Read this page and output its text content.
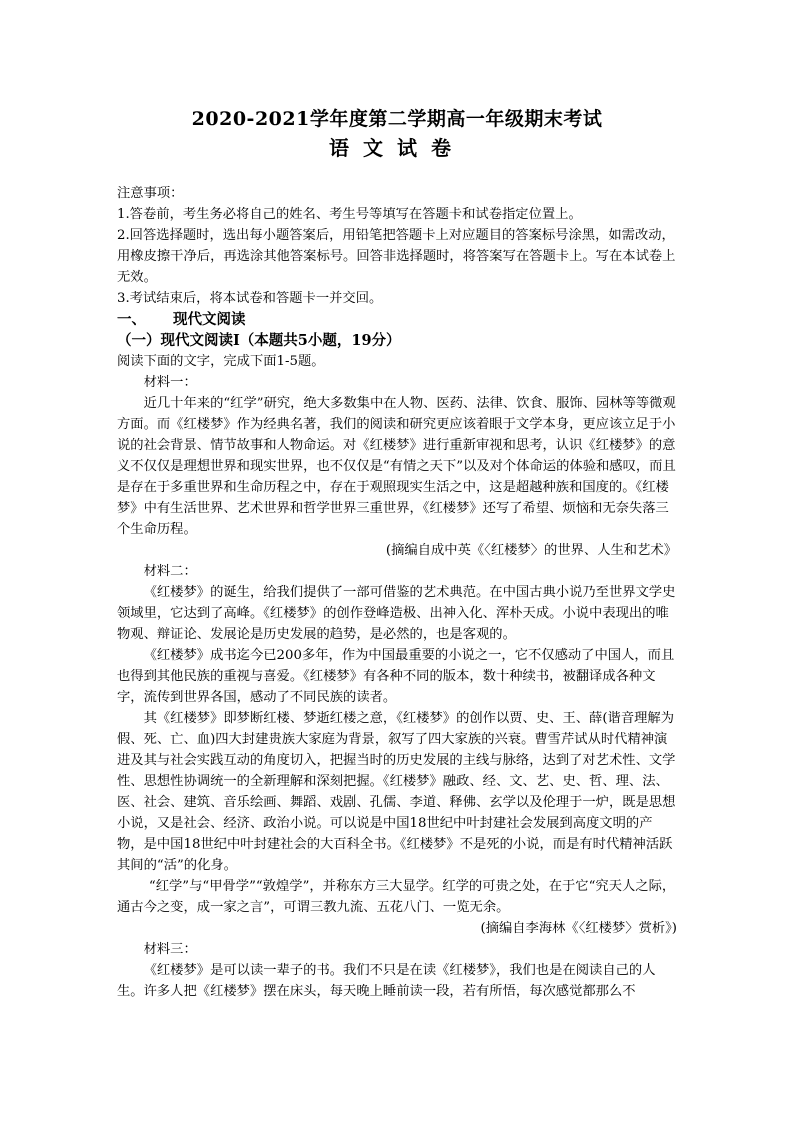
2020-2021学年度第二学期高一年级期末考试
语文试卷

注意事项：

1.答卷前，考生务必将自己的姓名、考生号等填写在答题卡和试卷指定位置上。

2.回答选择题时，选出每小题答案后，用铅笔把答题卡上对应题目的答案标号涂黑，如需改动，用橡皮擦干净后，再选涂其他答案标号。回答非选择题时，将答案写在答题卡上。写在本试卷上无效。

3.考试结束后，将本试卷和答题卡一并交回。

一、 现代文阅读

（一）现代文阅读Ⅰ（本题共5小题，19分）

阅读下面的文字，完成下面1-5题。

材料一：

近几十年来的“红学”研究，绝大多数集中在人物、医药、法律、饮食、服饰、园林等等微观方面。而《红楼梦》作为经典名著，我们的阅读和研究更应该着眼于文学本身，更应该立足于小说的社会背景、情节故事和人物命运。对《红楼梦》进行重新审视和思考，认识《红楼梦》的意义不仅仅是理想世界和现实世界，也不仅仅是“有情之天下”以及对个体命运的体验和感叹，而且是存在于多重世界和生命历程之中，存在于观照现实生活之中，这是超越种族和国度的。《红楼梦》中有生活世界、艺术世界和哲学世界三重世界，《红楼梦》还写了希望、烦恼和无奈失落三个生命历程。

(摘编自成中英《〈红楼梦〉的世界、人生和艺术》

材料二：

《红楼梦》的诞生，给我们提供了一部可借鉴的艺术典范。在中国古典小说乃至世界文学史领域里，它达到了高峰。《红楼梦》的创作登峰造极、出神入化、浑朴天成。小说中表现出的唯物观、辩证论、发展论是历史发展的趋势，是必然的，也是客观的。

《红楼梦》成书迄今已200多年，作为中国最重要的小说之一，它不仅感动了中国人，而且也得到其他民族的重视与喜爱。《红楼梦》有各种不同的版本，数十种续书，被翻译成各种文字，流传到世界各国，感动了不同民族的读者。

其《红楼梦》即梦断红楼、梦逝红楼之意，《红楼梦》的创作以贾、史、王、薛(谐音理解为假、死、亡、血)四大封建贵族大家庭为背景，叙写了四大家族的兴衰。曹雪芹试从时代精神演进及其与社会实践互动的角度切入，把握当时的历史发展的主线与脉络，达到了对艺术性、文学性、思想性协调统一的全新理解和深刻把握。《红楼梦》融政、经、文、艺、史、哲、理、法、医、社会、建筑、音乐绘画、舞蹈、戏剧、孔儒、李道、释佛、玄学以及伦理于一炉，既是思想小说，又是社会、经济、政治小说。可以说是中国18世纪中叶封建社会发展到高度文明的产物，是中国18世纪中叶封建社会的大百科全书。《红楼梦》不是死的小说，而是有时代精神活跃其间的“活”的化身。

“红学”与“甲骨学”“敦煌学”，并称东方三大显学。红学的可贵之处，在于它“究天人之际，通古今之变，成一家之言”，可谓三教九流、五花八门、一览无余。

(摘编自李海林《〈红楼梦〉赏析》)

材料三：

《红楼梦》是可以读一辈子的书。我们不只是在读《红楼梦》，我们也是在阅读自己的人生。许多人把《红楼梦》摆在床头，每天晚上睡前读一段，若有所悟，每次感觉都那么不
